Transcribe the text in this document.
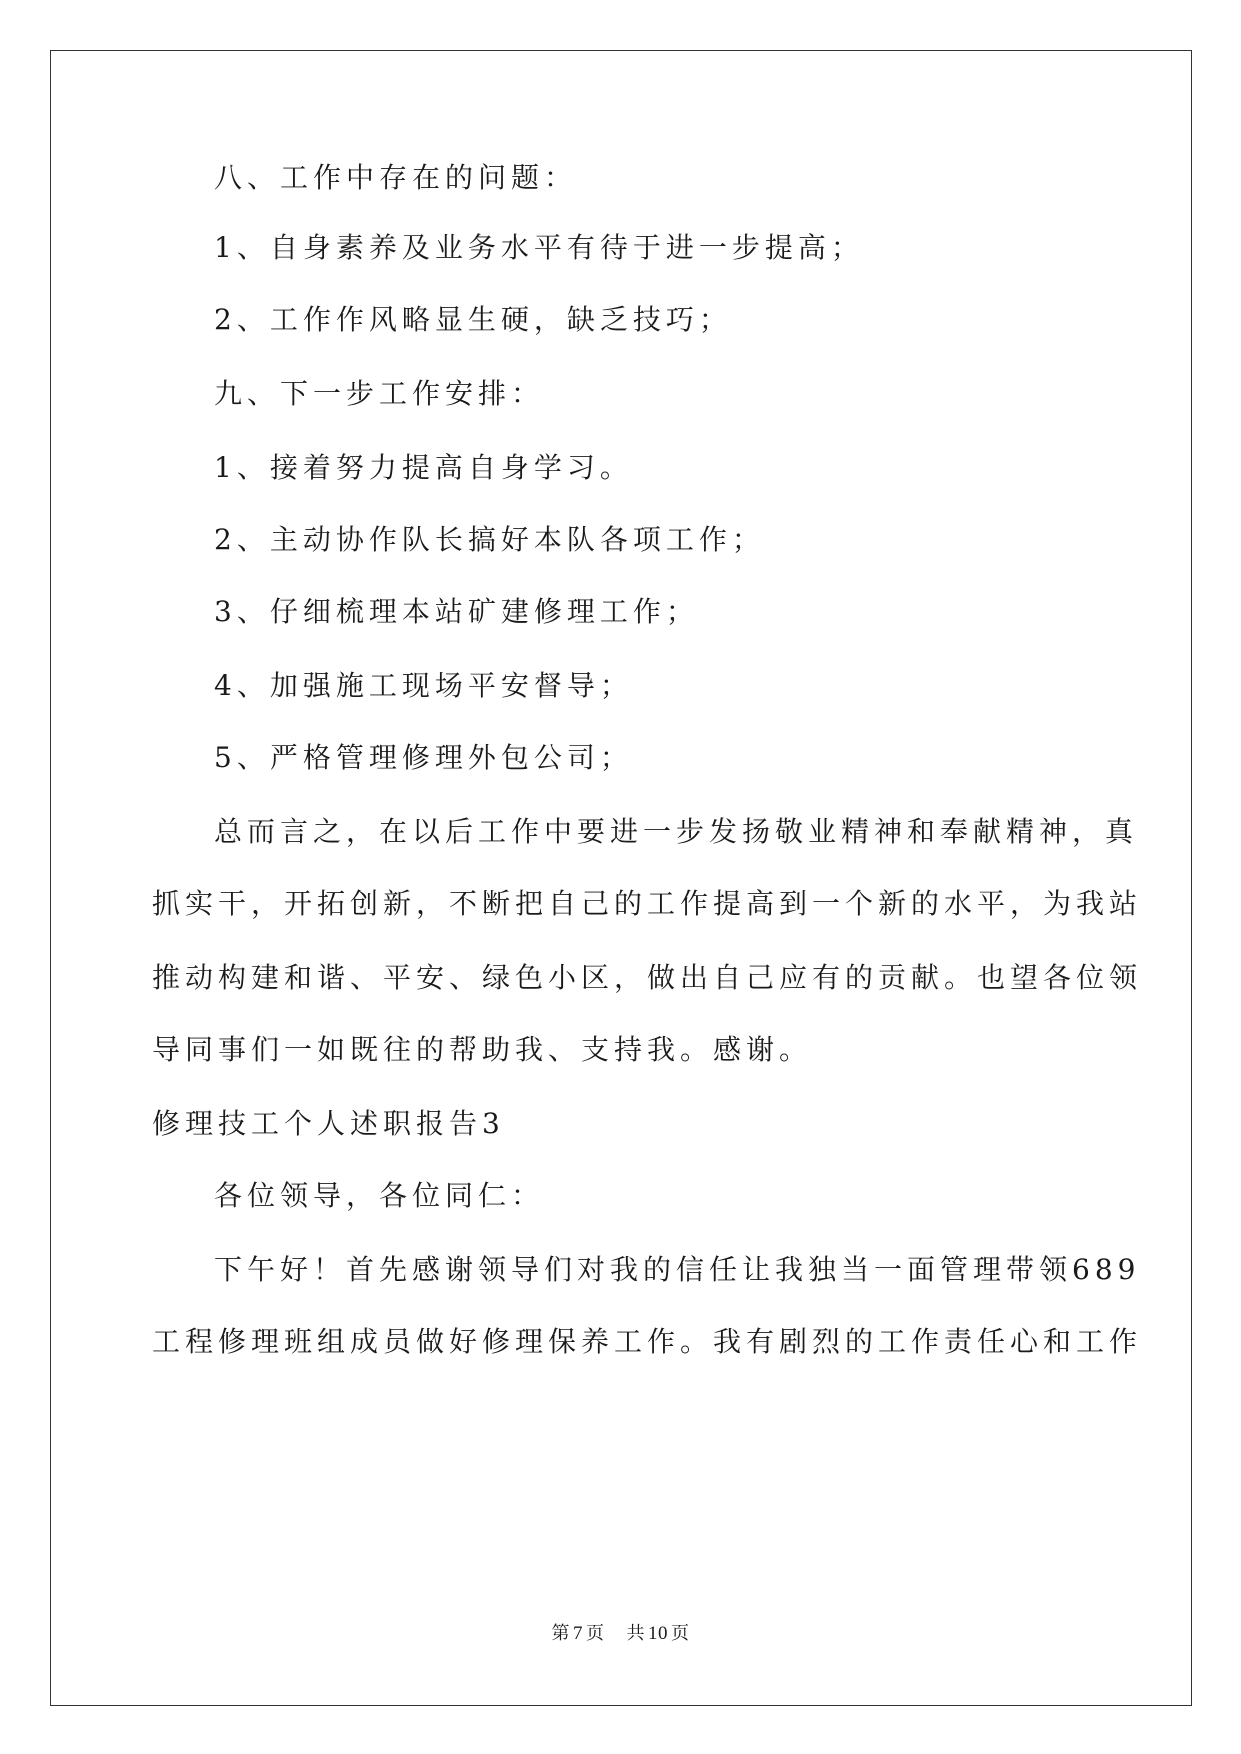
八、工作中存在的问题：
1、自身素养及业务水平有待于进一步提高；
2、工作作风略显生硬，缺乏技巧；
九、下一步工作安排：
1、接着努力提高自身学习。
2、主动协作队长搞好本队各项工作；
3、仔细梳理本站矿建修理工作；
4、加强施工现场平安督导；
5、严格管理修理外包公司；
总而言之，在以后工作中要进一步发扬敬业精神和奉献精神，真
抓实干，开拓创新，不断把自己的工作提高到一个新的水平，为我站
推动构建和谐、平安、绿色小区，做出自己应有的贡献。也望各位领
导同事们一如既往的帮助我、支持我。感谢。
修理技工个人述职报告3
各位领导，各位同仁：
下午好！首先感谢领导们对我的信任让我独当一面管理带领689
工程修理班组成员做好修理保养工作。我有剧烈的工作责任心和工作
第 7 页 共 10 页
